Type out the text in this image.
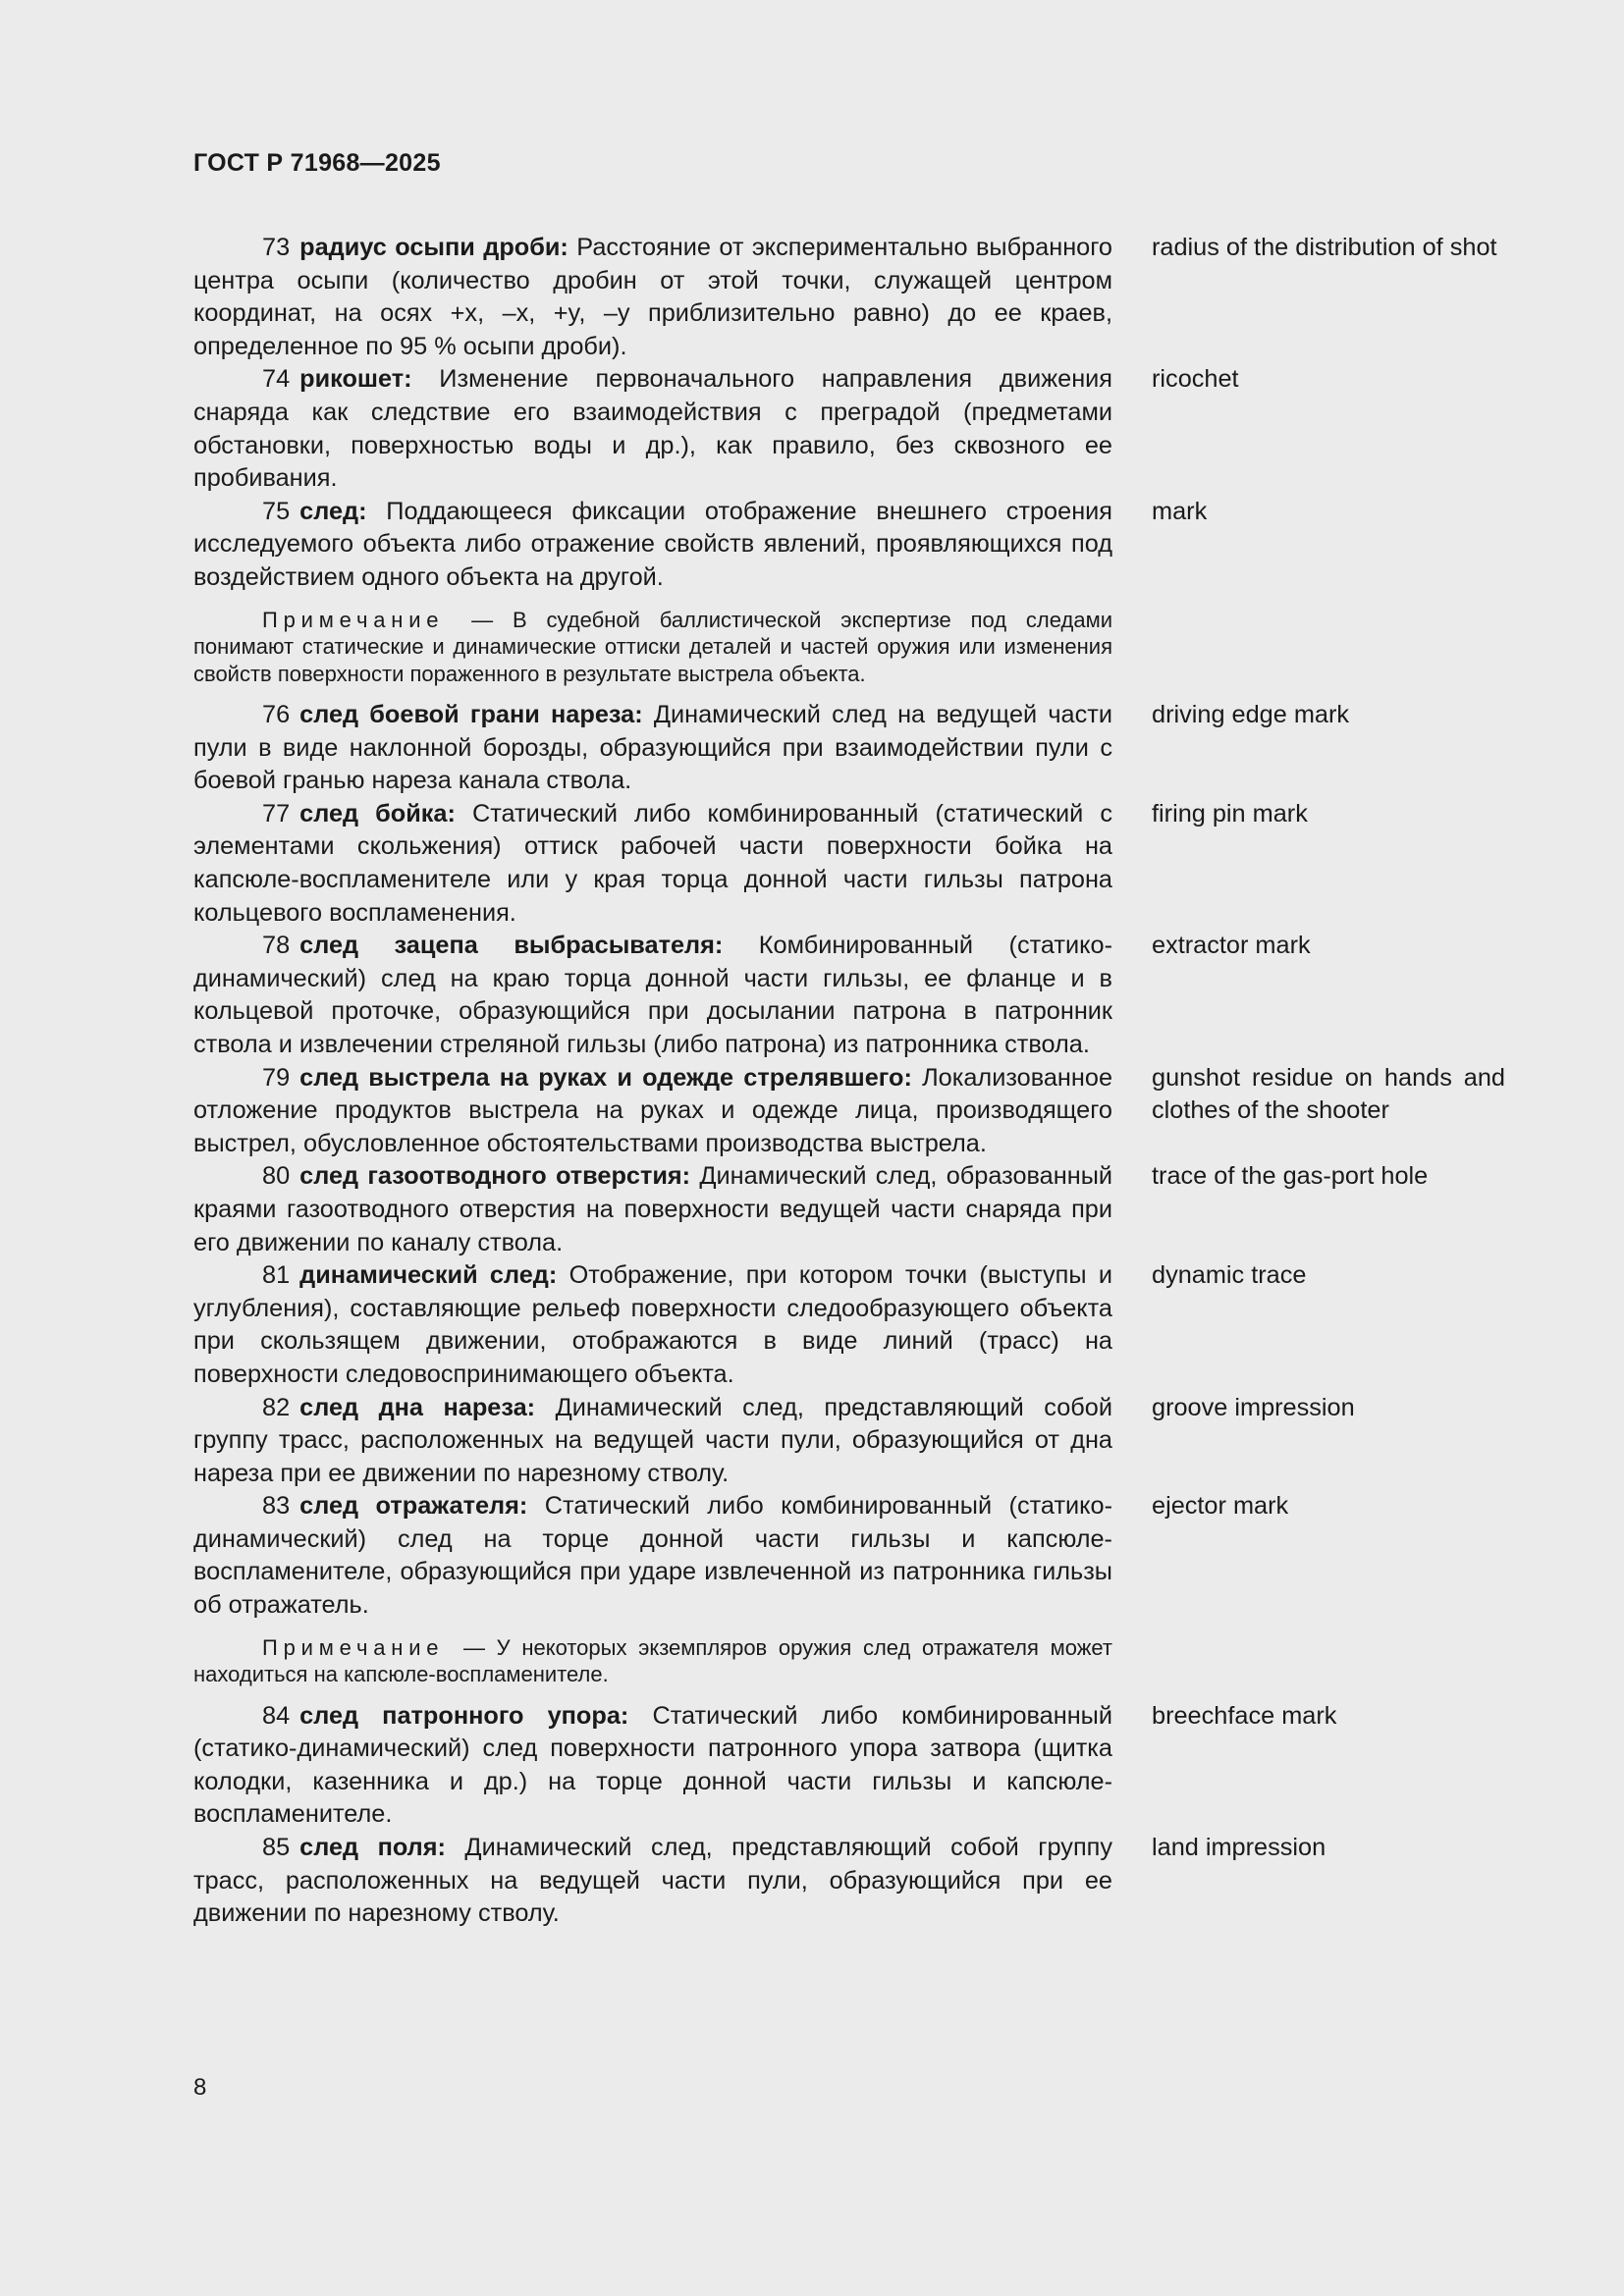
ГОСТ Р 71968—2025

73 радиус осыпи дроби: Расстояние от экспериментально выбранного центра осыпи (количество дробин от этой точки, служащей центром координат, на осях +x, –x, +y, –y приблизительно равно) до ее краев, определенное по 95 % осыпи дроби).

radius of the distribution of shot

74 рикошет: Изменение первоначального направления движения снаряда как следствие его взаимодействия с преградой (предметами обстановки, поверхностью воды и др.), как правило, без сквозного ее пробивания.

ricochet

75 след: Поддающееся фиксации отображение внешнего строения исследуемого объекта либо отражение свойств явлений, проявляющихся под воздействием одного объекта на другой.

mark

Примечание — В судебной баллистической экспертизе под следами понимают статические и динамические оттиски деталей и частей оружия или изменения свойств поверхности пораженного в результате выстрела объекта.

76 след боевой грани нареза: Динамический след на ведущей части пули в виде наклонной борозды, образующийся при взаимодействии пули с боевой гранью нареза канала ствола.

driving edge mark

77 след бойка: Статический либо комбинированный (статический с элементами скольжения) оттиск рабочей части поверхности бойка на капсюле-воспламенителе или у края торца донной части гильзы патрона кольцевого воспламенения.

firing pin mark

78 след зацепа выбрасывателя: Комбинированный (статико-динамический) след на краю торца донной части гильзы, ее фланце и в кольцевой проточке, образующийся при досылании патрона в патронник ствола и извлечении стреляной гильзы (либо патрона) из патронника ствола.

extractor mark

79 след выстрела на руках и одежде стрелявшего: Локализованное отложение продуктов выстрела на руках и одежде лица, производящего выстрел, обусловленное обстоятельствами производства выстрела.

gunshot residue on hands and clothes of the shooter

80 след газоотводного отверстия: Динамический след, образованный краями газоотводного отверстия на поверхности ведущей части снаряда при его движении по каналу ствола.

trace of the gas-port hole

81 динамический след: Отображение, при котором точки (выступы и углубления), составляющие рельеф поверхности следообразующего объекта при скользящем движении, отображаются в виде линий (трасс) на поверхности следовоспринимающего объекта.

dynamic trace

82 след дна нареза: Динамический след, представляющий собой группу трасс, расположенных на ведущей части пули, образующийся от дна нареза при ее движении по нарезному стволу.

groove impression

83 след отражателя: Статический либо комбинированный (статико-динамический) след на торце донной части гильзы и капсюле-воспламенителе, образующийся при ударе извлеченной из патронника гильзы об отражатель.

ejector mark

Примечание — У некоторых экземпляров оружия след отражателя может находиться на капсюле-воспламенителе.

84 след патронного упора: Статический либо комбинированный (статико-динамический) след поверхности патронного упора затвора (щитка колодки, казенника и др.) на торце донной части гильзы и капсюле-воспламенителе.

breechface mark

85 след поля: Динамический след, представляющий собой группу трасс, расположенных на ведущей части пули, образующийся при ее движении по нарезному стволу.

land impression

8
